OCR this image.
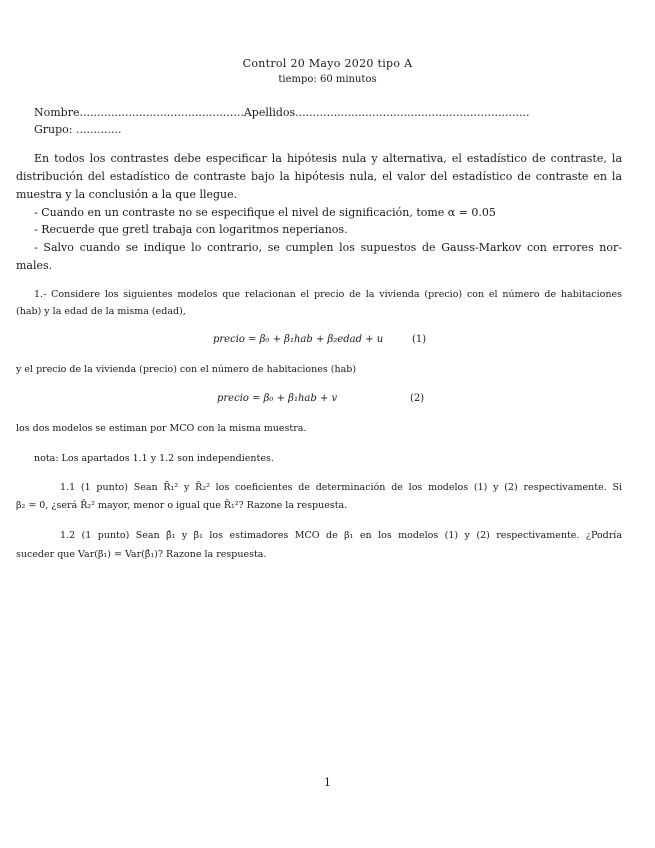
Control 20 Mayo 2020 tipo A
tiempo: 60 minutos
Nombre...............................................Apellidos...................................................................
Grupo: .............
En todos los contrastes debe especificar la hipótesis nula y alternativa, el estadístico de contraste, la
distribución del estadístico de contraste bajo la hipótesis nula, el valor del estadístico de contraste en la
muestra y la conclusión a la que llegue.
- Cuando en un contraste no se especifique el nivel de significación, tome α = 0.05
- Recuerde que gretl trabaja con logaritmos neperianos.
- Salvo cuando se indique lo contrario, se cumplen los supuestos de Gauss-Markov con errores nor-
males.
1.- Considere los siguientes modelos que relacionan el precio de la vivienda (precio) con el número de habitaciones
(hab) y la edad de la misma (edad),
precio = β₀ + β₁hab + β₂edad + u	(1)
y el precio de la vivienda (precio) con el número de habitaciones (hab)
precio = β₀ + β₁hab + v	(2)
los dos modelos se estiman por MCO con la misma muestra.
nota: Los apartados 1.1 y 1.2 son independientes.
1.1 (1 punto) Sean R̄₁² y R̄₂² los coeficientes de determinación de los modelos (1) y (2) respectivamente. Si
β₂ = 0, ¿será R̄₂² mayor, menor o igual que R̄₁²? Razone la respuesta.
1.2 (1 punto) Sean β̂₁ y β̃₁ los estimadores MCO de β₁ en los modelos (1) y (2) respectivamente. ¿Podría
suceder que Var(β̃₁) = Var(β̂₁)? Razone la respuesta.
1
